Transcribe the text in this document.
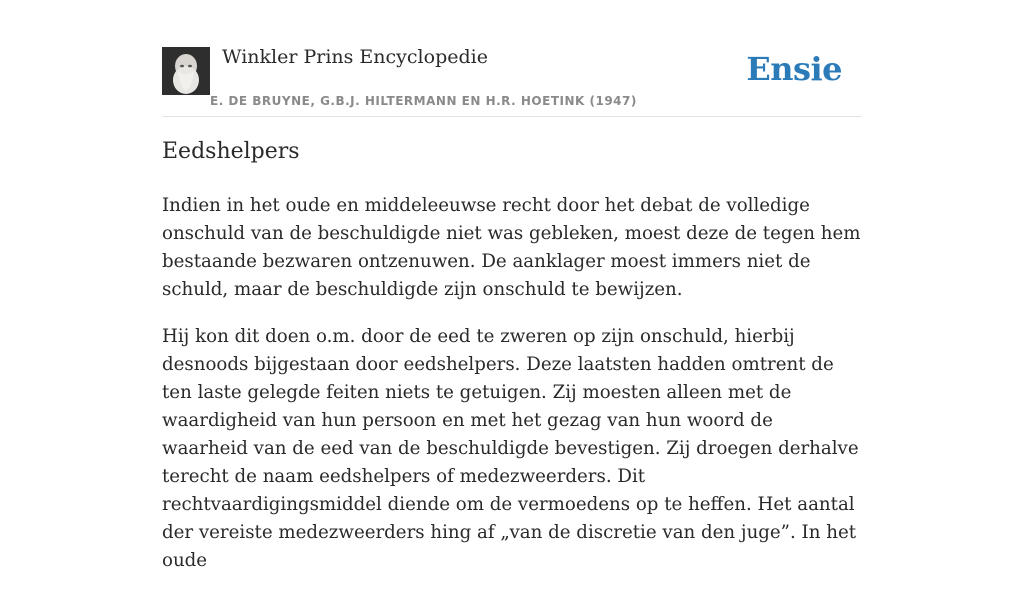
Winkler Prins Encyclopedie
E. DE BRUYNE, G.B.J. HILTERMANN EN H.R. HOETINK (1947)
Ensie
Eedshelpers

Indien in het oude en middeleeuwse recht door het debat de volledige onschuld van de beschuldigde niet was gebleken, moest deze de tegen hem bestaande bezwaren ontzenuwen. De aanklager moest immers niet de schuld, maar de beschuldigde zijn onschuld te bewijzen.

Hij kon dit doen o.m. door de eed te zweren op zijn onschuld, hierbij desnoods bijgestaan door eedshelpers. Deze laatsten hadden omtrent de ten laste gelegde feiten niets te getuigen. Zij moesten alleen met de waardigheid van hun persoon en met het gezag van hun woord de waarheid van de eed van de beschuldigde bevestigen. Zij droegen derhalve terecht de naam eedshelpers of medezweerders. Dit rechtvaardigingsmiddel diende om de vermoedens op te heffen. Het aantal der vereiste medezweerders hing af „van de discretie van den juge”. In het oude
